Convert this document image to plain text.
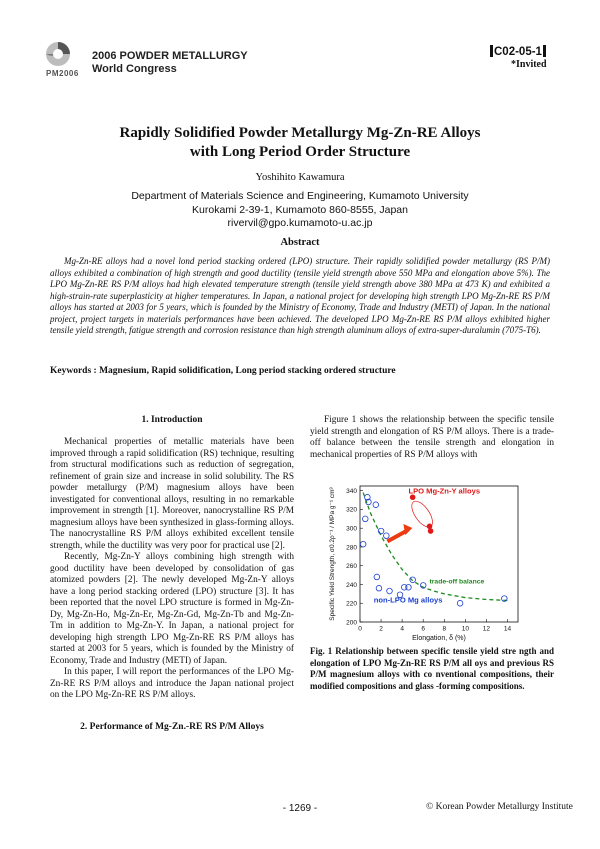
2006 POWDER METALLURGY
World Congress
PM2006
C02-05-1
*Invited
Rapidly Solidified Powder Metallurgy Mg-Zn-RE Alloys
with Long Period Order Structure
Yoshihito Kawamura
Department of Materials Science and Engineering, Kumamoto University
Kurokami 2-39-1, Kumamoto 860-8555, Japan
rivervil@gpo.kumamoto-u.ac.jp
Abstract

Mg-Zn-RE alloys had a novel lond period stacking ordered (LPO) structure. Their rapidly solidified powder metallurgy (RS P/M) alloys exhibited a combination of high strength and good ductility (tensile yield strength above 550 MPa and elongation above 5%). The LPO Mg-Zn-RE RS P/M alloys had high elevated temperature strength (tensile yield strength above 380 MPa at 473 K) and exhibited a high-strain-rate superplasticity at higher temperatures. In Japan, a national project for developing high strength LPO Mg-Zn-RE RS P/M alloys has started at 2003 for 5 years, which is founded by the Ministry of Economy, Trade and Industry (METI) of Japan. In the national project, project targets in materials performances have been achieved. The developed LPO Mg-Zn-RE RS P/M alloys exhibited higher tensile yield strength, fatigue strength and corrosion resistance than high strength aluminum alloys of extra-super-duralumin (7075-T6).

Keywords : Magnesium, Rapid solidification, Long period stacking ordered structure
1. Introduction

Mechanical properties of metallic materials have been improved through a rapid solidification (RS) technique, resulting from structural modifications such as reduction of segregation, refinement of grain size and increase in solid solubility. The RS powder metallurgy (P/M) magnesium alloys have been investigated for conventional alloys, resulting in no remarkable improvement in strength [1]. Moreover, nanocrystalline RS P/M magnesium alloys have been synthesized in glass-forming alloys. The nanocrystalline RS P/M alloys exhibited excellent tensile strength, while the ductility was very poor for practical use [2].

Recently, Mg-Zn-Y alloys combining high strength with good ductility have been developed by consolidation of gas atomized powders [2]. The newly developed Mg-Zn-Y alloys have a long period stacking ordered (LPO) structure [3]. It has been reported that the novel LPO structure is formed in Mg-Zn-Dy, Mg-Zn-Ho, Mg-Zn-Er, Mg-Zn-Gd, Mg-Zn-Tb and Mg-Zn-Tm in addition to Mg-Zn-Y. In Japan, a national project for developing high strength LPO Mg-Zn-RE RS P/M alloys has started at 2003 for 5 years, which is founded by the Ministry of Economy, Trade and Industry (METI) of Japan.

In this paper, I will report the performances of the LPO Mg-Zn-RE RS P/M alloys and introduce the Japan national project on the LPO Mg-Zn-RE RS P/M alloys.

2. Performance of Mg-Zn.-RE RS P/M Alloys

Figure 1 shows the relationship between the specific tensile yield strength and elongation of RS P/M alloys. There is a trade-off balance between the tensile strength and elongation in mechanical properties of RS P/M alloys with

0	2	4	6	8 10 12 14
200
220
240
260
280
300
320
340
Elongation, δ (%)
Specific Yield Strength, σ0.2ρ⁻¹ / MPa g⁻¹ cm³	LPO Mg-Zn-Y alloys
non-LPO Mg alloys
trade-off balance
Fig. 1 Relationship between specific tensile yield stre ngth and elongation of LPO Mg-Zn-RE RS P/M all oys and previous RS P/M magnesium alloys with co nventional compositions, their modified compositions and glass -forming compositions.
- 1269 -	© Korean Powder Metallurgy Institute
